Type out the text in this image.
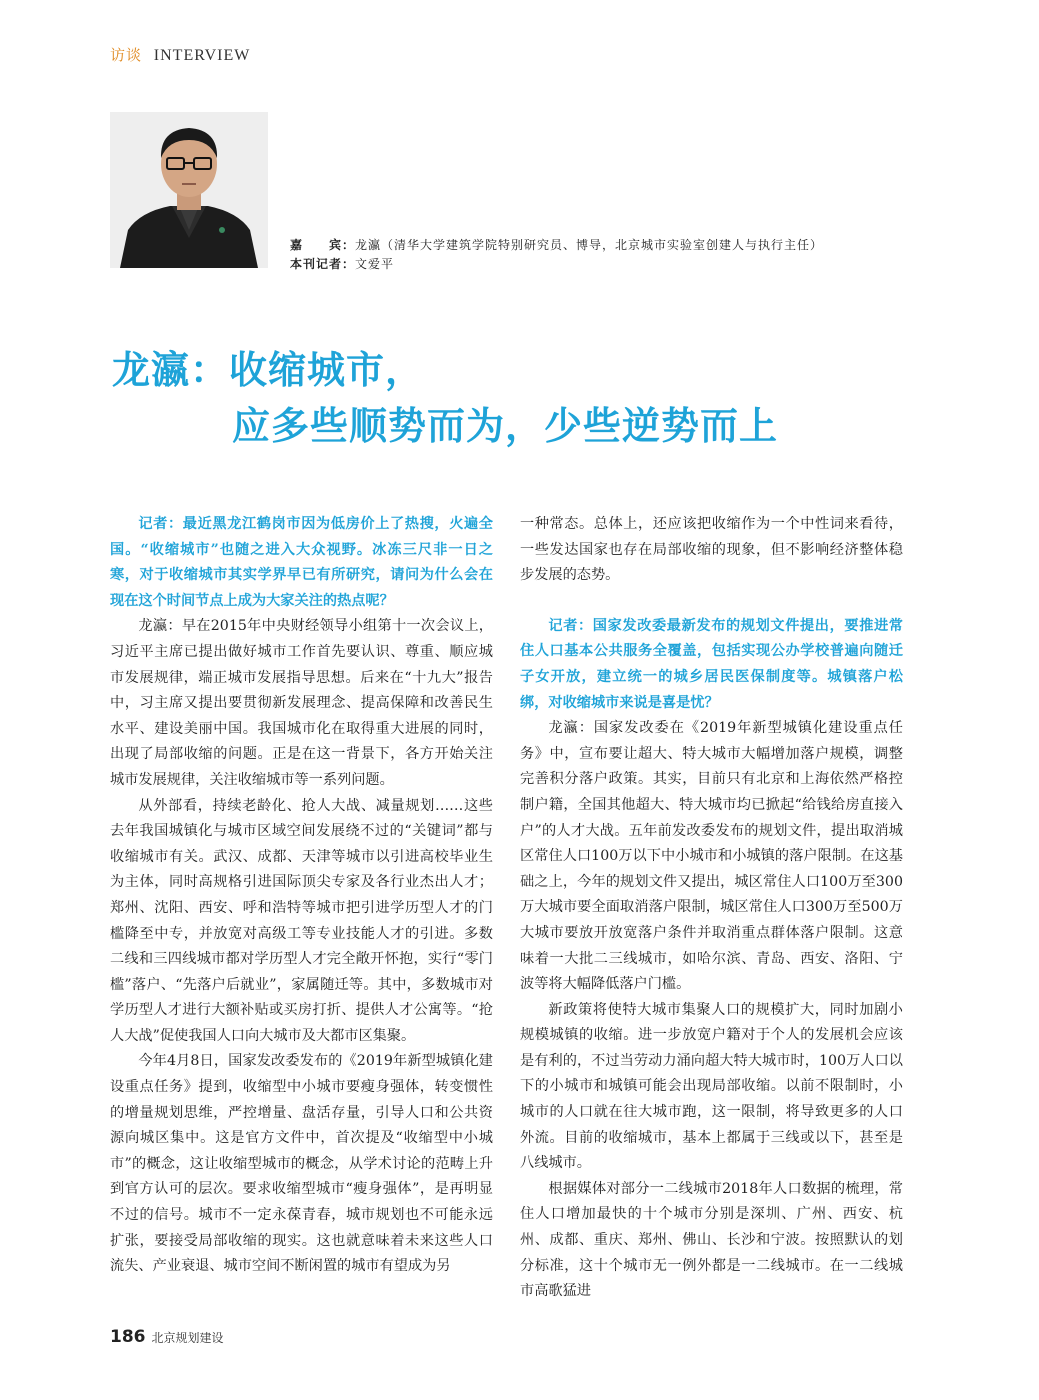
访谈 INTERVIEW
嘉　　宾：龙瀛（清华大学建筑学院特别研究员、博导，北京城市实验室创建人与执行主任）
本刊记者：文爱平
龙瀛：收缩城市，
应多些顺势而为，少些逆势而上

记者：最近黑龙江鹤岗市因为低房价上了热搜，火遍全国。“收缩城市”也随之进入大众视野。冰冻三尺非一日之寒，对于收缩城市其实学界早已有所研究，请问为什么会在现在这个时间节点上成为大家关注的热点呢？

龙瀛：早在2015年中央财经领导小组第十一次会议上，习近平主席已提出做好城市工作首先要认识、尊重、顺应城市发展规律，端正城市发展指导思想。后来在“十九大”报告中，习主席又提出要贯彻新发展理念、提高保障和改善民生水平、建设美丽中国。我国城市化在取得重大进展的同时，出现了局部收缩的问题。正是在这一背景下，各方开始关注城市发展规律，关注收缩城市等一系列问题。

从外部看，持续老龄化、抢人大战、减量规划……这些去年我国城镇化与城市区域空间发展绕不过的“关键词”都与收缩城市有关。武汉、成都、天津等城市以引进高校毕业生为主体，同时高规格引进国际顶尖专家及各行业杰出人才；郑州、沈阳、西安、呼和浩特等城市把引进学历型人才的门槛降至中专，并放宽对高级工等专业技能人才的引进。多数二线和三四线城市都对学历型人才完全敞开怀抱，实行“零门槛”落户、“先落户后就业”，家属随迁等。其中，多数城市对学历型人才进行大额补贴或买房打折、提供人才公寓等。“抢人大战”促使我国人口向大城市及大都市区集聚。

今年4月8日，国家发改委发布的《2019年新型城镇化建设重点任务》提到，收缩型中小城市要瘦身强体，转变惯性的增量规划思维，严控增量、盘活存量，引导人口和公共资源向城区集中。这是官方文件中，首次提及“收缩型中小城市”的概念，这让收缩型城市的概念，从学术讨论的范畴上升到官方认可的层次。要求收缩型城市“瘦身强体”，是再明显不过的信号。城市不一定永葆青春，城市规划也不可能永远扩张，要接受局部收缩的现实。这也就意味着未来这些人口流失、产业衰退、城市空间不断闲置的城市有望成为另

一种常态。总体上，还应该把收缩作为一个中性词来看待，一些发达国家也存在局部收缩的现象，但不影响经济整体稳步发展的态势。

记者：国家发改委最新发布的规划文件提出，要推进常住人口基本公共服务全覆盖，包括实现公办学校普遍向随迁子女开放，建立统一的城乡居民医保制度等。城镇落户松绑，对收缩城市来说是喜是忧？

龙瀛：国家发改委在《2019年新型城镇化建设重点任务》中，宣布要让超大、特大城市大幅增加落户规模，调整完善积分落户政策。其实，目前只有北京和上海依然严格控制户籍，全国其他超大、特大城市均已掀起“给钱给房直接入户”的人才大战。五年前发改委发布的规划文件，提出取消城区常住人口100万以下中小城市和小城镇的落户限制。在这基础之上，今年的规划文件又提出，城区常住人口100万至300万大城市要全面取消落户限制，城区常住人口300万至500万大城市要放开放宽落户条件并取消重点群体落户限制。这意味着一大批二三线城市，如哈尔滨、青岛、西安、洛阳、宁波等将大幅降低落户门槛。

新政策将使特大城市集聚人口的规模扩大，同时加剧小规模城镇的收缩。进一步放宽户籍对于个人的发展机会应该是有利的，不过当劳动力涌向超大特大城市时，100万人口以下的小城市和城镇可能会出现局部收缩。以前不限制时，小城市的人口就在往大城市跑，这一限制，将导致更多的人口外流。目前的收缩城市，基本上都属于三线或以下，甚至是八线城市。

根据媒体对部分一二线城市2018年人口数据的梳理，常住人口增加最快的十个城市分别是深圳、广州、西安、杭州、成都、重庆、郑州、佛山、长沙和宁波。按照默认的划分标准，这十个城市无一例外都是一二线城市。在一二线城市高歌猛进

186 北京规划建设
